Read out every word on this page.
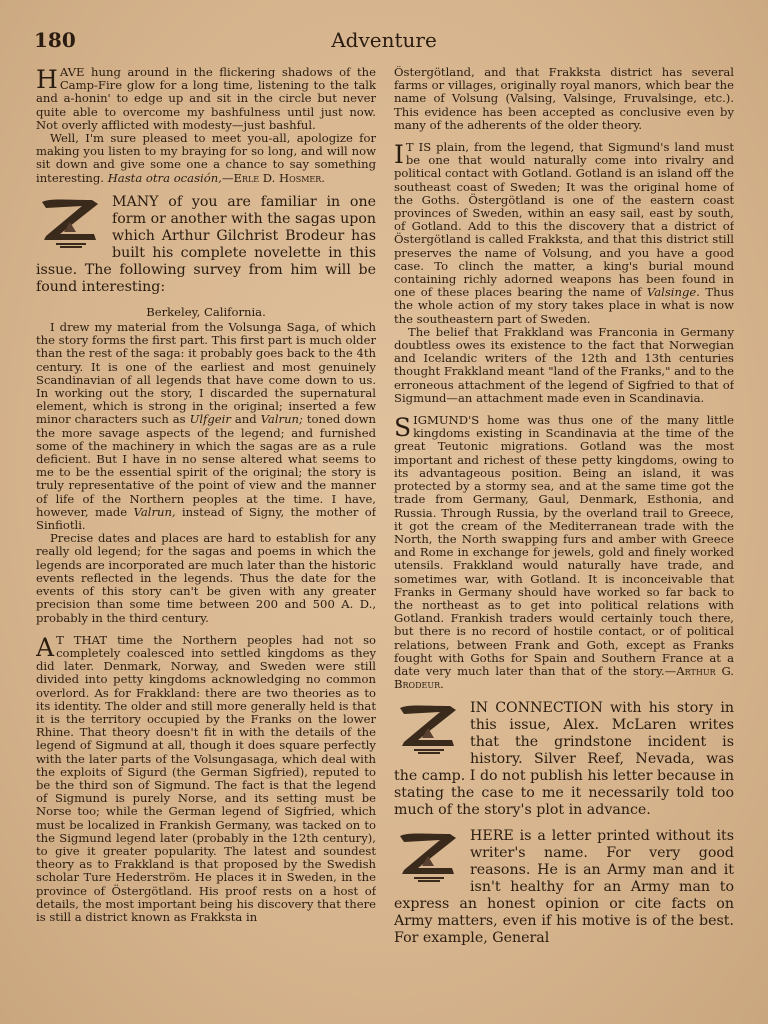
180	Adventure

HAVE hung around in the flickering shadows of the Camp-Fire glow for a long time, listening to the talk and a-honin' to edge up and sit in the circle but never quite able to overcome my bashfulness until just now. Not overly afflicted with modesty—just bashful.

Well, I'm sure pleased to meet you-all, apologize for making you listen to my braying for so long, and will now sit down and give some one a chance to say something interesting. Hasta otra ocasión,—Erle D. Hosmer.

MANY of you are familiar in one form or another with the sagas upon which Arthur Gilchrist Brodeur has built his complete novelette in this issue. The following survey from him will be found interesting:

Berkeley, California.

I drew my material from the Volsunga Saga, of which the story forms the first part. This first part is much older than the rest of the saga: it probably goes back to the 4th century. It is one of the earliest and most genuinely Scandinavian of all legends that have come down to us. In working out the story, I discarded the supernatural element, which is strong in the original; inserted a few minor characters such as Ulfgeir and Valrun; toned down the more savage aspects of the legend; and furnished some of the machinery in which the sagas are as a rule deficient. But I have in no sense altered what seems to me to be the essential spirit of the original; the story is truly representative of the point of view and the manner of life of the Northern peoples at the time. I have, however, made Valrun, instead of Signy, the mother of Sinfiotli.

Precise dates and places are hard to establish for any really old legend; for the sagas and poems in which the legends are incorporated are much later than the historic events reflected in the legends. Thus the date for the events of this story can't be given with any greater precision than some time between 200 and 500 A. D., probably in the third century.

A T THAT time the Northern peoples had not so completely coalesced into settled kingdoms as they did later. Denmark, Norway, and Sweden were still divided into petty kingdoms acknowledging no common overlord. As for Frakkland: there are two theories as to its identity. The older and still more generally held is that it is the territory occupied by the Franks on the lower Rhine. That theory doesn't fit in with the details of the legend of Sigmund at all, though it does square perfectly with the later parts of the Volsungasaga, which deal with the exploits of Sigurd (the German Sigfried), reputed to be the third son of Sigmund. The fact is that the legend of Sigmund is purely Norse, and its setting must be Norse too; while the German legend of Sigfried, which must be localized in Frankish Germany, was tacked on to the Sigmund legend later (probably in the 12th century), to give it greater popularity. The latest and soundest theory as to Frakkland is that proposed by the Swedish scholar Ture Hederström. He places it in Sweden, in the province of Östergötland. His proof rests on a host of details, the most important being his discovery that there is still a district known as Frakksta in

Östergötland, and that Frakksta district has several farms or villages, originally royal manors, which bear the name of Volsung (Valsing, Valsinge, Fruvalsinge, etc.). This evidence has been accepted as conclusive even by many of the adherents of the older theory.

I T IS plain, from the legend, that Sigmund's land must be one that would naturally come into rivalry and political contact with Gotland. Gotland is an island off the southeast coast of Sweden; It was the original home of the Goths. Östergötland is one of the eastern coast provinces of Sweden, within an easy sail, east by south, of Gotland. Add to this the discovery that a district of Östergötland is called Frakksta, and that this district still preserves the name of Volsung, and you have a good case. To clinch the matter, a king's burial mound containing richly adorned weapons has been found in one of these places bearing the name of Valsinge. Thus the whole action of my story takes place in what is now the southeastern part of Sweden.

The belief that Frakkland was Franconia in Germany doubtless owes its existence to the fact that Norwegian and Icelandic writers of the 12th and 13th centuries thought Frakkland meant "land of the Franks," and to the erroneous attachment of the legend of Sigfried to that of Sigmund—an attachment made even in Scandinavia.

SIGMUND'S home was thus one of the many little kingdoms existing in Scandinavia at the time of the great Teutonic migrations. Gotland was the most important and richest of these petty kingdoms, owing to its advantageous position. Being an island, it was protected by a stormy sea, and at the same time got the trade from Germany, Gaul, Denmark, Esthonia, and Russia. Through Russia, by the overland trail to Greece, it got the cream of the Mediterranean trade with the North, the North swapping furs and amber with Greece and Rome in exchange for jewels, gold and finely worked utensils. Frakkland would naturally have trade, and sometimes war, with Gotland. It is inconceivable that Franks in Germany should have worked so far back to the northeast as to get into political relations with Gotland. Frankish traders would certainly touch there, but there is no record of hostile contact, or of political relations, between Frank and Goth, except as Franks fought with Goths for Spain and Southern France at a date very much later than that of the story.—Arthur G. Brodeur.

IN CONNECTION with his story in this issue, Alex. McLaren writes that the grindstone incident is history. Silver Reef, Nevada, was the camp. I do not publish his letter because in stating the case to me it necessarily told too much of the story's plot in advance.

HERE is a letter printed without its writer's name. For very good reasons. He is an Army man and it isn't healthy for an Army man to express an honest opinion or cite facts on Army matters, even if his motive is of the best. For example, General
